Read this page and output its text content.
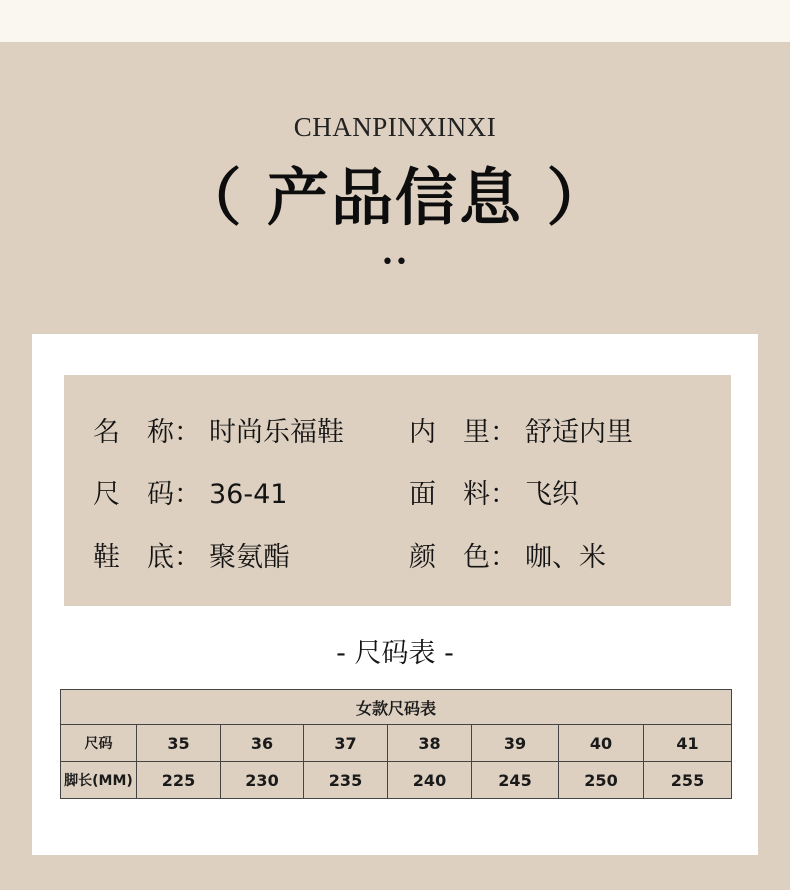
CHANPINXINXI
（ 产品信息 ）
••
名　称： 时尚乐福鞋 内　里： 舒适内里
尺　码： 36-41	面　料： 飞织
鞋　底： 聚氨酯	颜　色： 咖、米
- 尺码表 -
女款尺码表							
尺码	35	36	37	38	39	40	41
脚长(MM)	225	230	235	240	245	250	255
